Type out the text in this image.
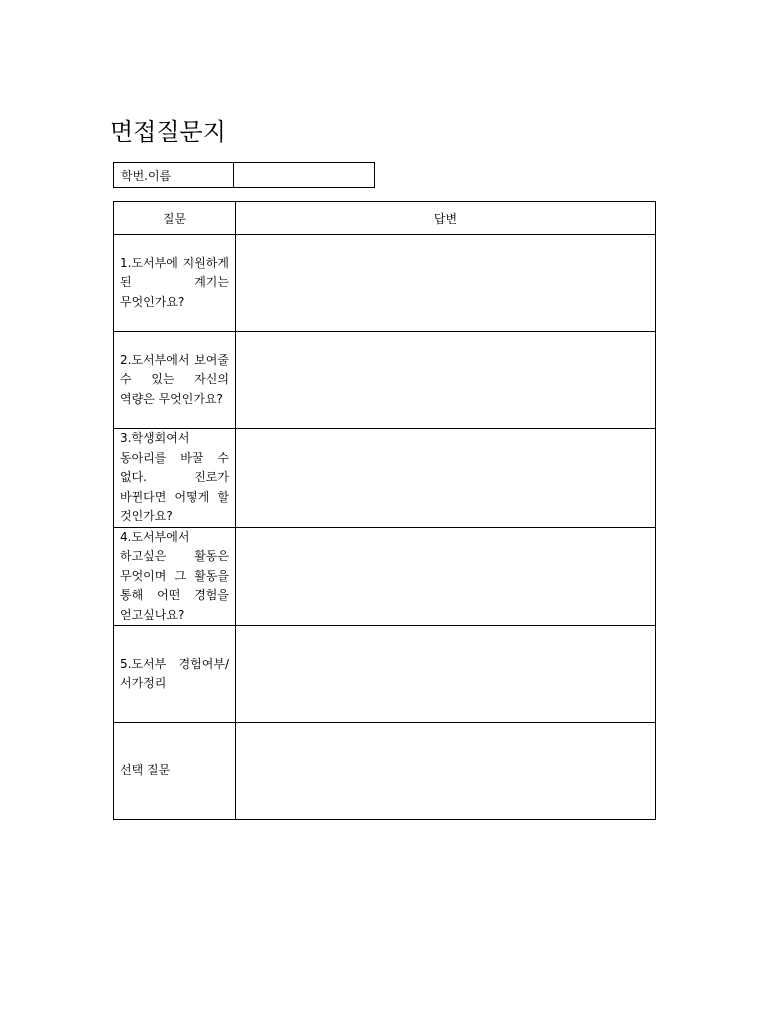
면접질문지
학번.이름	
질문	답변
1.도서부에 지원하게 된 계기는 무엇인가요?	
2.도서부에서 보여줄 수 있는 자신의 역량은 무엇인가요?	
3.학생회여서 동아리를 바꿀 수 없다. 진로가 바뀐다면 어떻게 할 것인가요?	
4.도서부에서 하고싶은 활동은 무엇이며 그 활동을 통해 어떤 경험을 얻고싶나요?	
5.도서부 경험여부/서가정리	
선택 질문	
